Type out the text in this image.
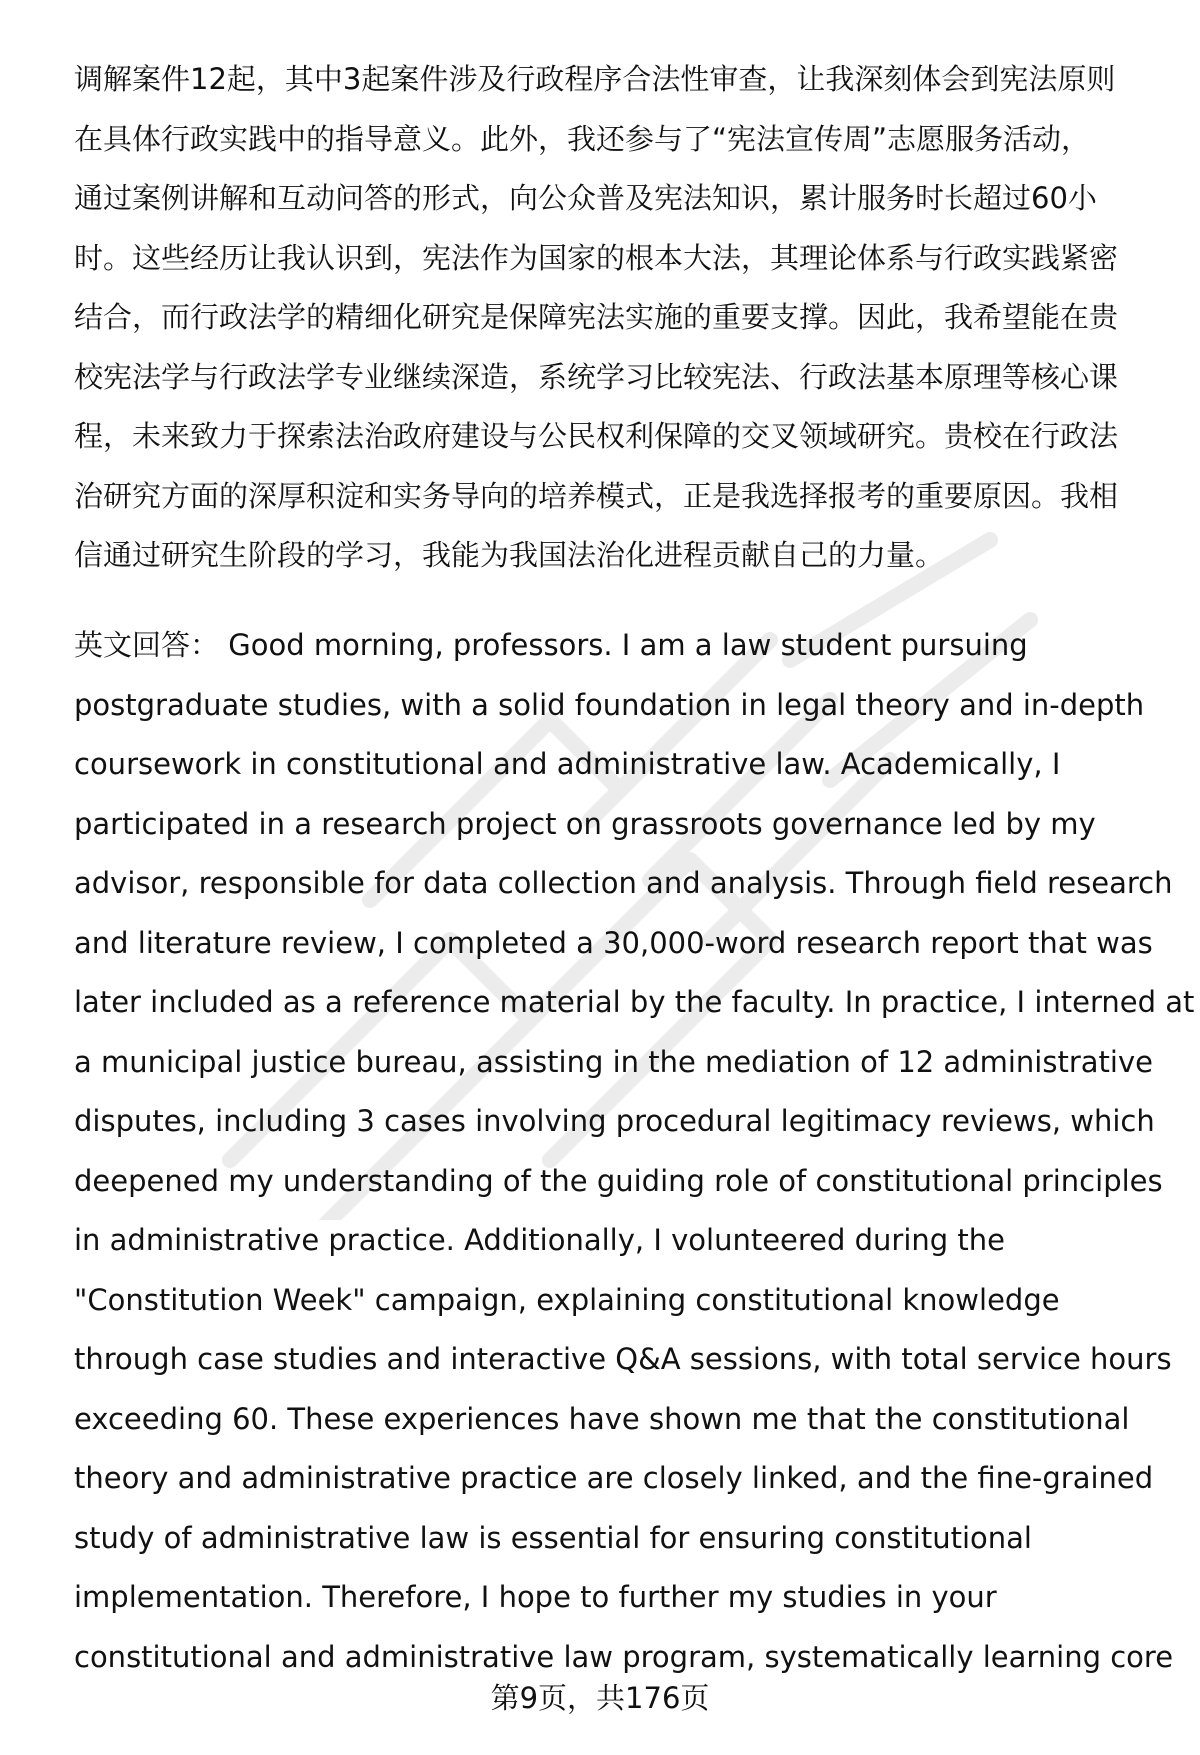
调解案件12起，其中3起案件涉及行政程序合法性审查，让我深刻体会到宪法原则
在具体行政实践中的指导意义。此外，我还参与了“宪法宣传周”志愿服务活动，
通过案例讲解和互动问答的形式，向公众普及宪法知识，累计服务时长超过60小
时。这些经历让我认识到，宪法作为国家的根本大法，其理论体系与行政实践紧密
结合，而行政法学的精细化研究是保障宪法实施的重要支撑。因此，我希望能在贵
校宪法学与行政法学专业继续深造，系统学习比较宪法、行政法基本原理等核心课
程，未来致力于探索法治政府建设与公民权利保障的交叉领域研究。贵校在行政法
治研究方面的深厚积淀和实务导向的培养模式，正是我选择报考的重要原因。我相
信通过研究生阶段的学习，我能为我国法治化进程贡献自己的力量。
英文回答： Good morning, professors. I am a law student pursuing
postgraduate studies, with a solid foundation in legal theory and in-depth
coursework in constitutional and administrative law. Academically, I
participated in a research project on grassroots governance led by my
advisor, responsible for data collection and analysis. Through field research
and literature review, I completed a 30,000-word research report that was
later included as a reference material by the faculty. In practice, I interned at
a municipal justice bureau, assisting in the mediation of 12 administrative
disputes, including 3 cases involving procedural legitimacy reviews, which
deepened my understanding of the guiding role of constitutional principles
in administrative practice. Additionally, I volunteered during the
"Constitution Week" campaign, explaining constitutional knowledge
through case studies and interactive Q&A sessions, with total service hours
exceeding 60. These experiences have shown me that the constitutional
theory and administrative practice are closely linked, and the fine-grained
study of administrative law is essential for ensuring constitutional
implementation. Therefore, I hope to further my studies in your
constitutional and administrative law program, systematically learning core
第9页，共176页
